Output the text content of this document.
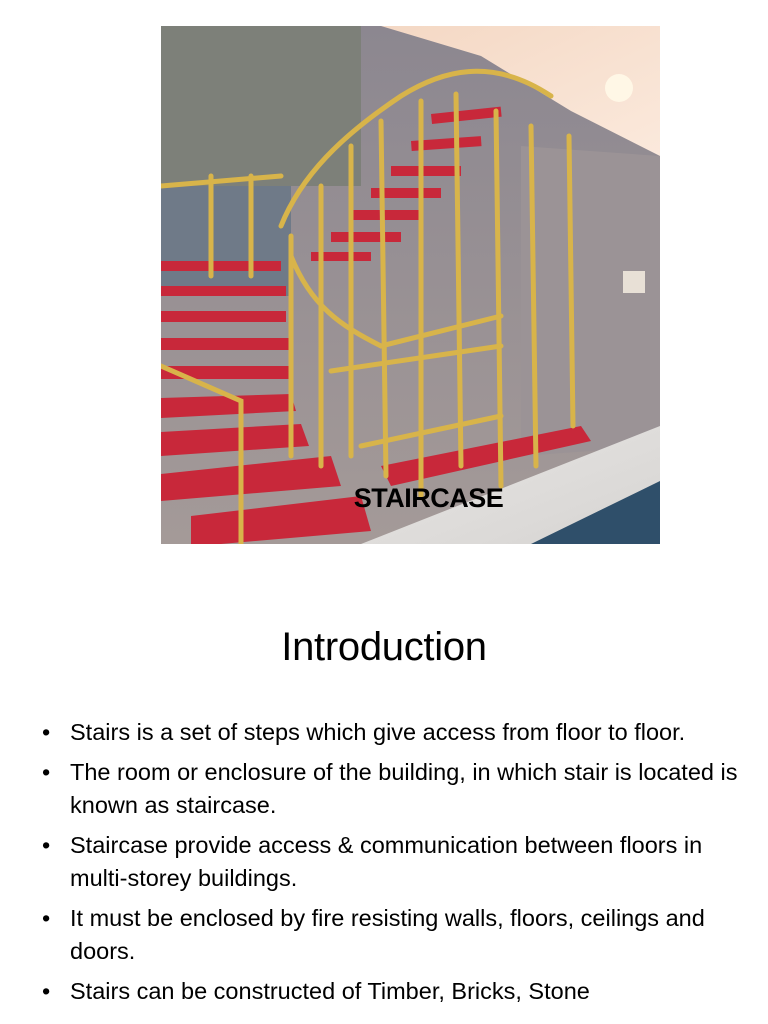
STAIRCASE
Introduction
• Stairs is a set of steps which give access from floor to floor.
• The room or enclosure of the building, in which stair is located is known as staircase.
• Staircase provide access & communication between floors in multi-storey buildings.
• It must be enclosed by fire resisting walls, floors, ceilings and doors.
• Stairs can be constructed of Timber, Bricks, Stone
